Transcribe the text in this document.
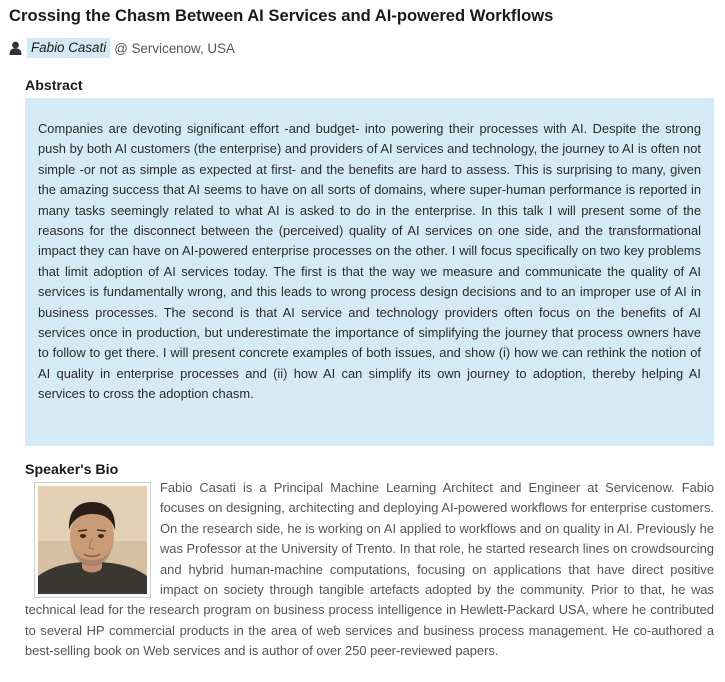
Crossing the Chasm Between AI Services and AI-powered Workflows
Fabio Casati @ Servicenow, USA
Abstract

Companies are devoting significant effort -and budget- into powering their processes with AI. Despite the strong push by both AI customers (the enterprise) and providers of AI services and technology, the journey to AI is often not simple -or not as simple as expected at first- and the benefits are hard to assess. This is surprising to many, given the amazing success that AI seems to have on all sorts of domains, where super-human performance is reported in many tasks seemingly related to what AI is asked to do in the enterprise. In this talk I will present some of the reasons for the disconnect between the (perceived) quality of AI services on one side, and the transformational impact they can have on AI-powered enterprise processes on the other. I will focus specifically on two key problems that limit adoption of AI services today. The first is that the way we measure and communicate the quality of AI services is fundamentally wrong, and this leads to wrong process design decisions and to an improper use of AI in business processes. The second is that AI service and technology providers often focus on the benefits of AI services once in production, but underestimate the importance of simplifying the journey that process owners have to follow to get there. I will present concrete examples of both issues, and show (i) how we can rethink the notion of AI quality in enterprise processes and (ii) how AI can simplify its own journey to adoption, thereby helping AI services to cross the adoption chasm.

Speaker's Bio

Fabio Casati is a Principal Machine Learning Architect and Engineer at Servicenow. Fabio focuses on designing, architecting and deploying AI-powered workflows for enterprise customers. On the research side, he is working on AI applied to workflows and on quality in AI. Previously he was Professor at the University of Trento. In that role, he started research lines on crowdsourcing and hybrid human-machine computations, focusing on applications that have direct positive impact on society through tangible artefacts adopted by the community. Prior to that, he was technical lead for the research program on business process intelligence in Hewlett-Packard USA, where he contributed to several HP commercial products in the area of web services and business process management. He co-authored a best-selling book on Web services and is author of over 250 peer-reviewed papers.
